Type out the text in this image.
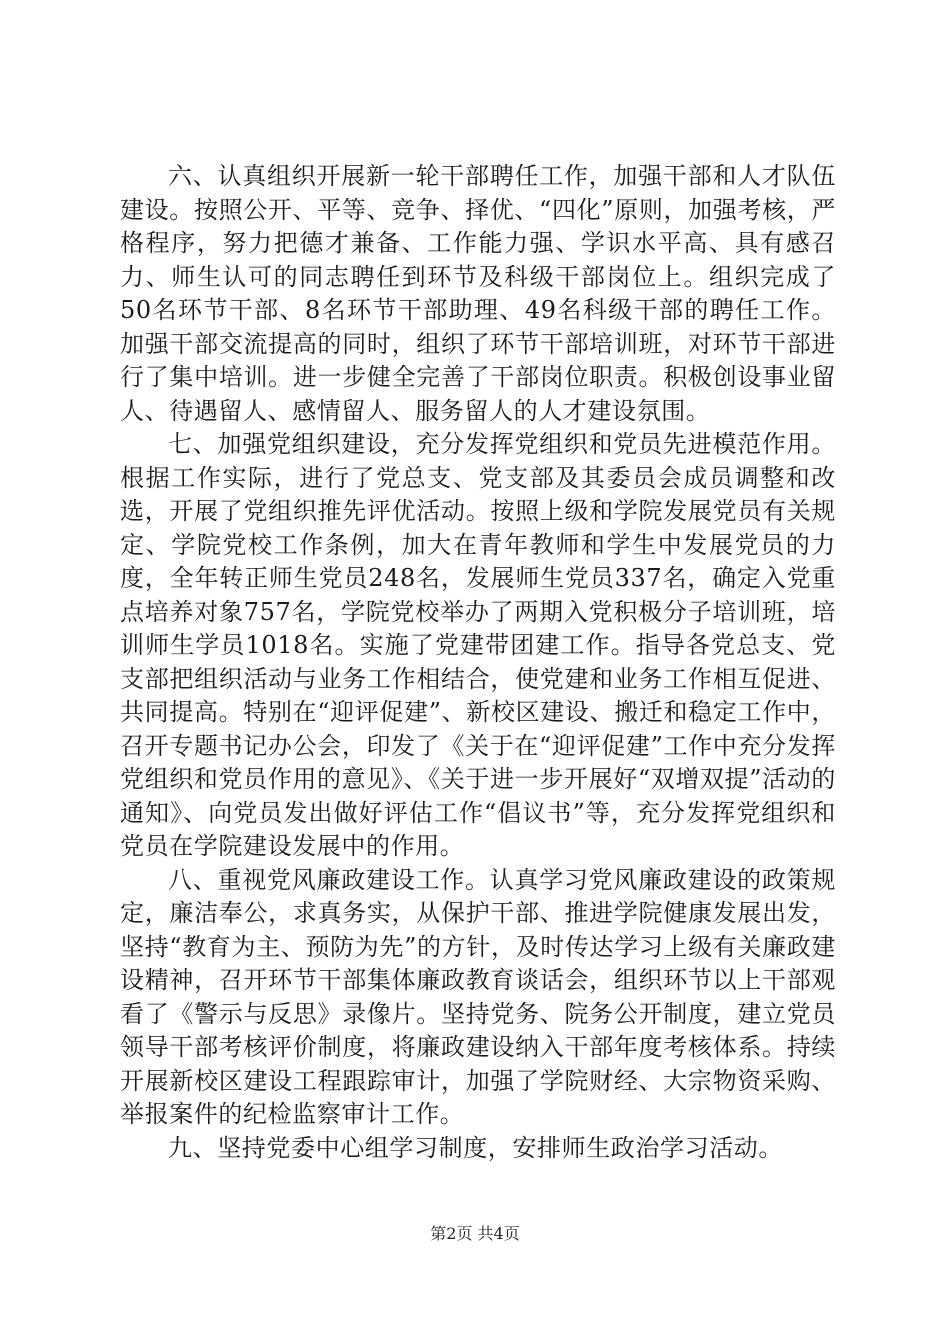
六、认真组织开展新一轮干部聘任工作，加强干部和人才队伍建设。按照公开、平等、竞争、择优、“四化”原则，加强考核，严格程序，努力把德才兼备、工作能力强、学识水平高、具有感召力、师生认可的同志聘任到环节及科级干部岗位上。组织完成了50名环节干部、8名环节干部助理、49名科级干部的聘任工作。加强干部交流提高的同时，组织了环节干部培训班，对环节干部进行了集中培训。进一步健全完善了干部岗位职责。积极创设事业留人、待遇留人、感情留人、服务留人的人才建设氛围。

七、加强党组织建设，充分发挥党组织和党员先进模范作用。根据工作实际，进行了党总支、党支部及其委员会成员调整和改选，开展了党组织推先评优活动。按照上级和学院发展党员有关规定、学院党校工作条例，加大在青年教师和学生中发展党员的力度，全年转正师生党员248名，发展师生党员337名，确定入党重点培养对象757名，学院党校举办了两期入党积极分子培训班，培训师生学员1018名。实施了党建带团建工作。指导各党总支、党支部把组织活动与业务工作相结合，使党建和业务工作相互促进、共同提高。特别在“迎评促建”、新校区建设、搬迁和稳定工作中，召开专题书记办公会，印发了《关于在“迎评促建”工作中充分发挥党组织和党员作用的意见》、《关于进一步开展好“双增双提”活动的通知》、向党员发出做好评估工作“倡议书”等，充分发挥党组织和党员在学院建设发展中的作用。

八、重视党风廉政建设工作。认真学习党风廉政建设的政策规定，廉洁奉公，求真务实，从保护干部、推进学院健康发展出发，坚持“教育为主、预防为先”的方针，及时传达学习上级有关廉政建设精神，召开环节干部集体廉政教育谈话会，组织环节以上干部观看了《警示与反思》录像片。坚持党务、院务公开制度，建立党员领导干部考核评价制度，将廉政建设纳入干部年度考核体系。持续开展新校区建设工程跟踪审计，加强了学院财经、大宗物资采购、举报案件的纪检监察审计工作。

九、坚持党委中心组学习制度，安排师生政治学习活动。

第2页 共4页
